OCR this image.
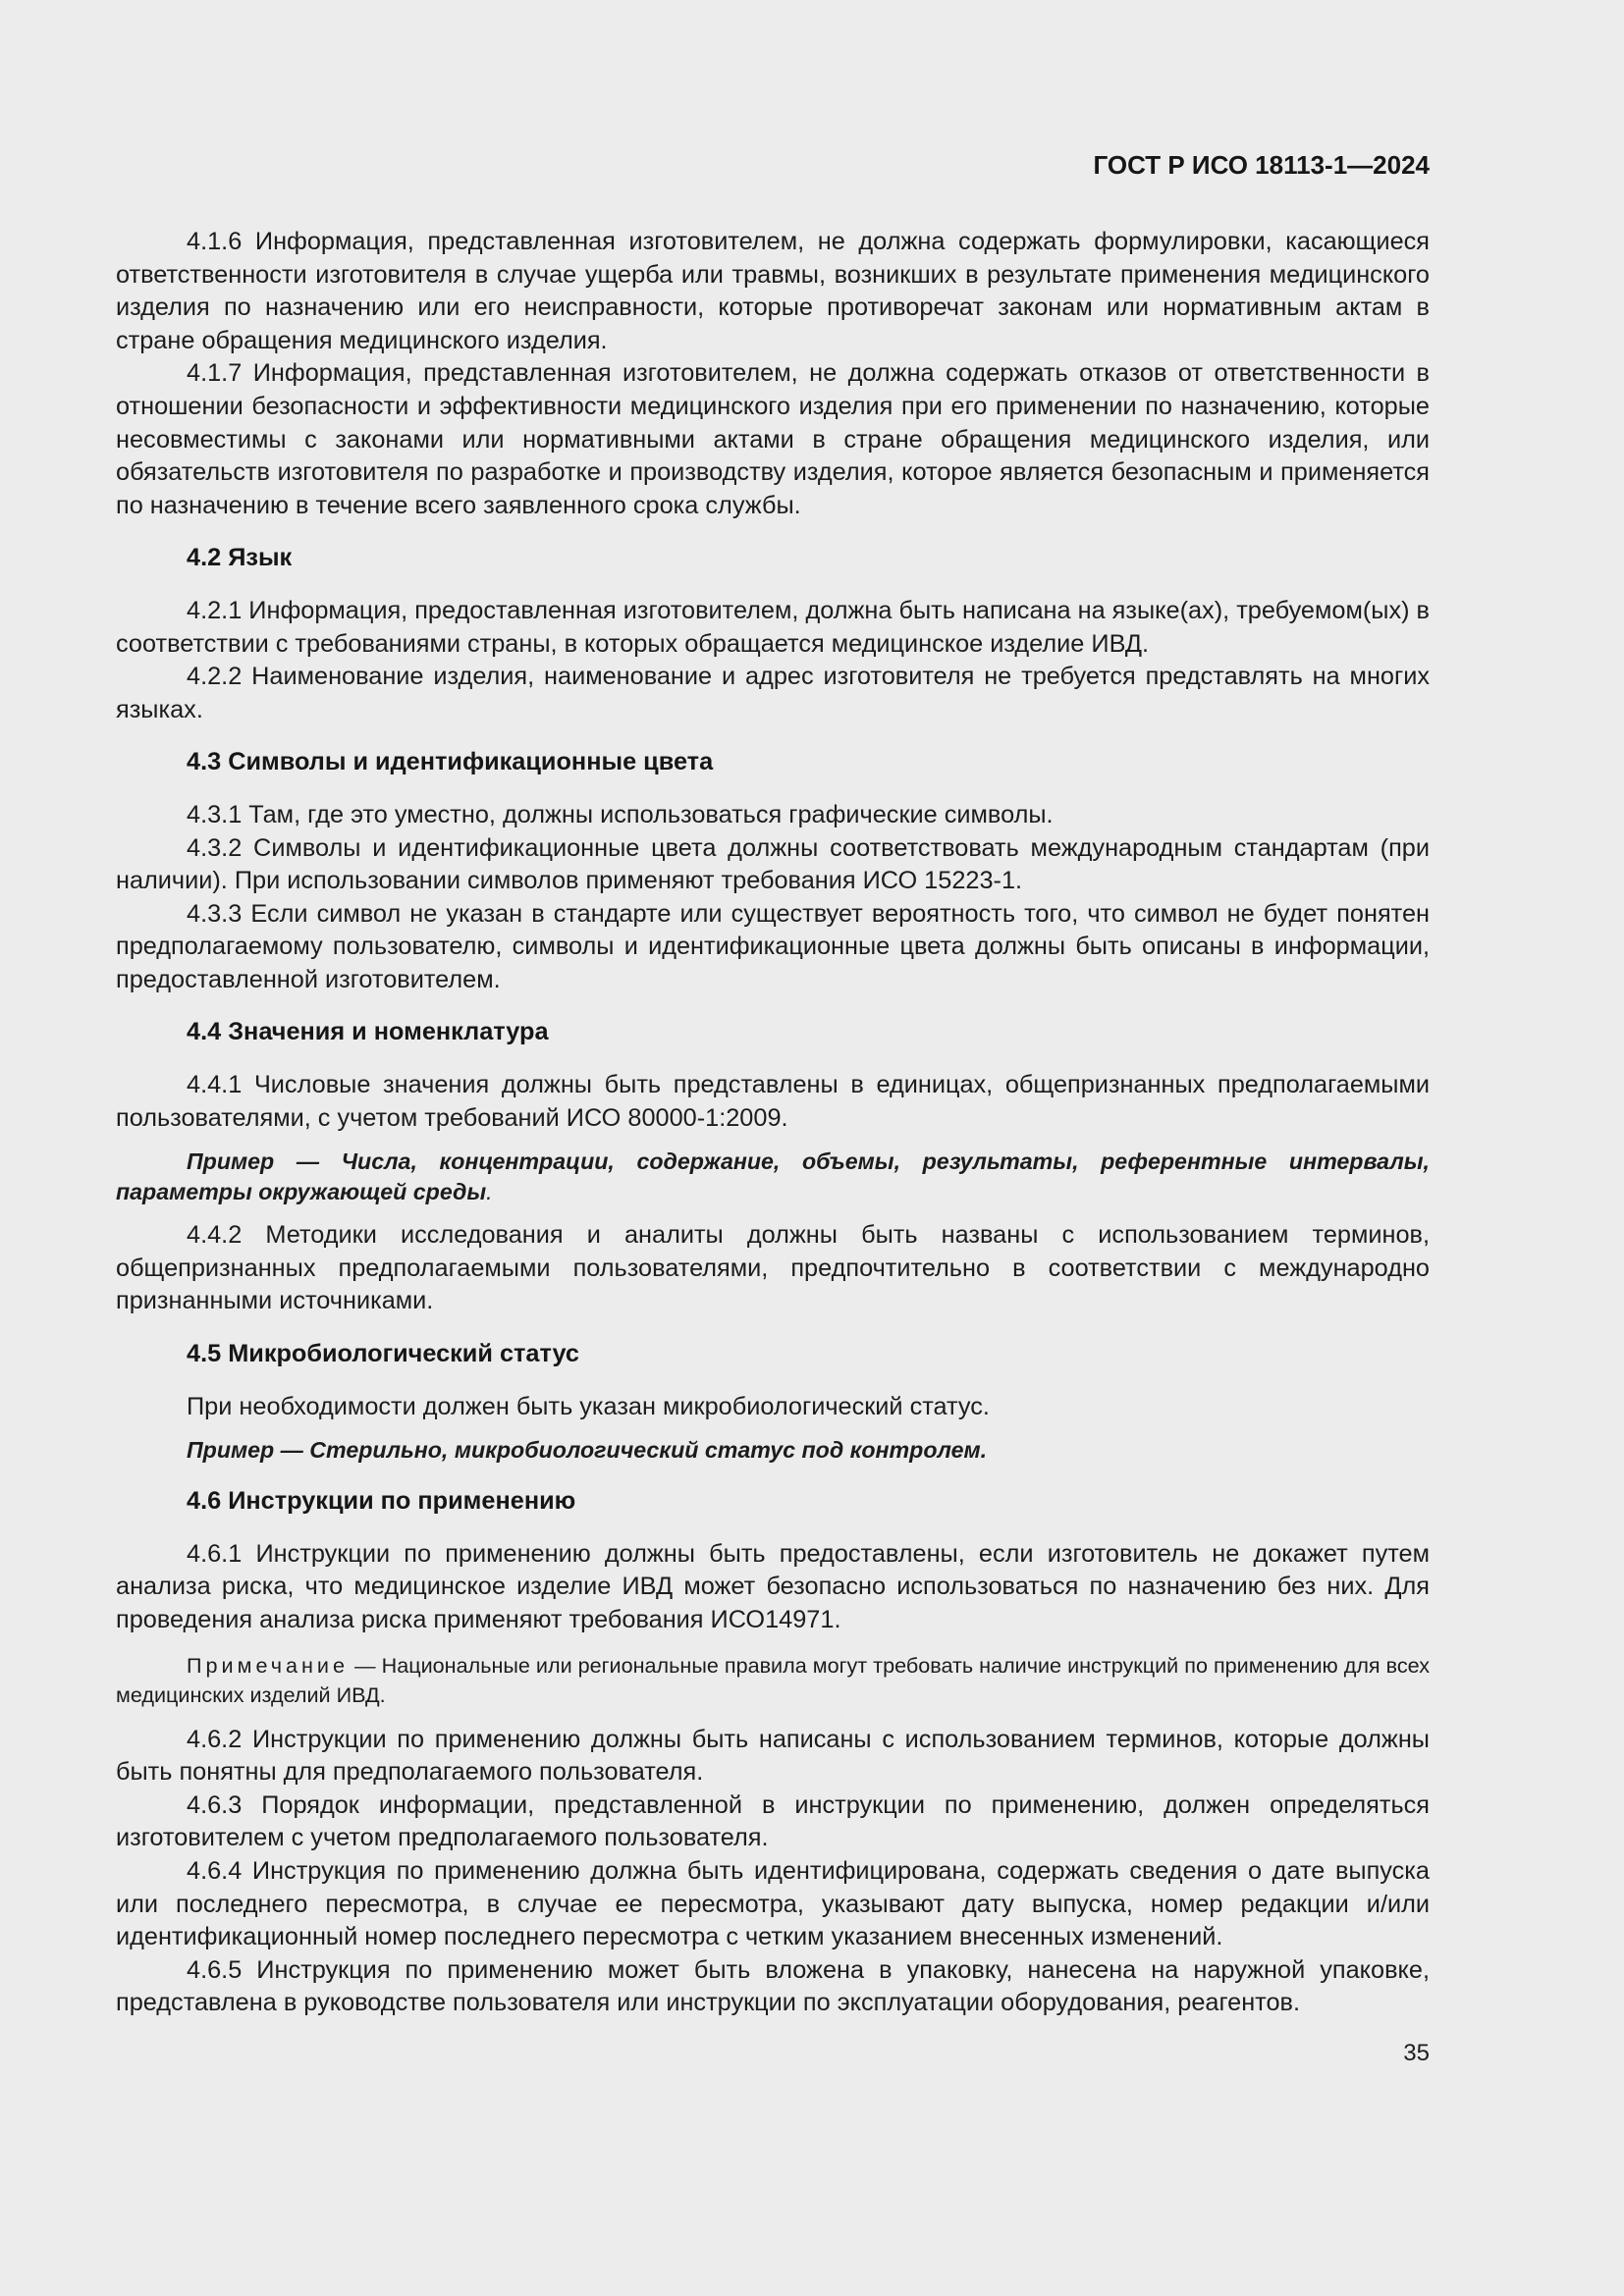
ГОСТ Р ИСО 18113-1—2024

4.1.6 Информация, представленная изготовителем, не должна содержать формулировки, касающиеся ответственности изготовителя в случае ущерба или травмы, возникших в результате применения медицинского изделия по назначению или его неисправности, которые противоречат законам или нормативным актам в стране обращения медицинского изделия.

4.1.7 Информация, представленная изготовителем, не должна содержать отказов от ответственности в отношении безопасности и эффективности медицинского изделия при его применении по назначению, которые несовместимы с законами или нормативными актами в стране обращения медицинского изделия, или обязательств изготовителя по разработке и производству изделия, которое является безопасным и применяется по назначению в течение всего заявленного срока службы.

4.2 Язык

4.2.1 Информация, предоставленная изготовителем, должна быть написана на языке(ах), требуемом(ых) в соответствии с требованиями страны, в которых обращается медицинское изделие ИВД.

4.2.2 Наименование изделия, наименование и адрес изготовителя не требуется представлять на многих языках.

4.3 Символы и идентификационные цвета

4.3.1 Там, где это уместно, должны использоваться графические символы.

4.3.2 Символы и идентификационные цвета должны соответствовать международным стандартам (при наличии). При использовании символов применяют требования ИСО 15223-1.

4.3.3 Если символ не указан в стандарте или существует вероятность того, что символ не будет понятен предполагаемому пользователю, символы и идентификационные цвета должны быть описаны в информации, предоставленной изготовителем.

4.4 Значения и номенклатура

4.4.1 Числовые значения должны быть представлены в единицах, общепризнанных предполагаемыми пользователями, с учетом требований ИСО 80000-1:2009.

Пример — Числа, концентрации, содержание, объемы, результаты, референтные интервалы, параметры окружающей среды.

4.4.2 Методики исследования и аналиты должны быть названы с использованием терминов, общепризнанных предполагаемыми пользователями, предпочтительно в соответствии с международно признанными источниками.

4.5 Микробиологический статус

При необходимости должен быть указан микробиологический статус.

Пример — Стерильно, микробиологический статус под контролем.
4.6 Инструкции по применению

4.6.1 Инструкции по применению должны быть предоставлены, если изготовитель не докажет путем анализа риска, что медицинское изделие ИВД может безопасно использоваться по назначению без них. Для проведения анализа риска применяют требования ИСО14971.

Примечание — Национальные или региональные правила могут требовать наличие инструкций по применению для всех медицинских изделий ИВД.

4.6.2 Инструкции по применению должны быть написаны с использованием терминов, которые должны быть понятны для предполагаемого пользователя.

4.6.3 Порядок информации, представленной в инструкции по применению, должен определяться изготовителем с учетом предполагаемого пользователя.

4.6.4 Инструкция по применению должна быть идентифицирована, содержать сведения о дате выпуска или последнего пересмотра, в случае ее пересмотра, указывают дату выпуска, номер редакции и/или идентификационный номер последнего пересмотра с четким указанием внесенных изменений.

4.6.5 Инструкция по применению может быть вложена в упаковку, нанесена на наружной упаковке, представлена в руководстве пользователя или инструкции по эксплуатации оборудования, реагентов.

35
